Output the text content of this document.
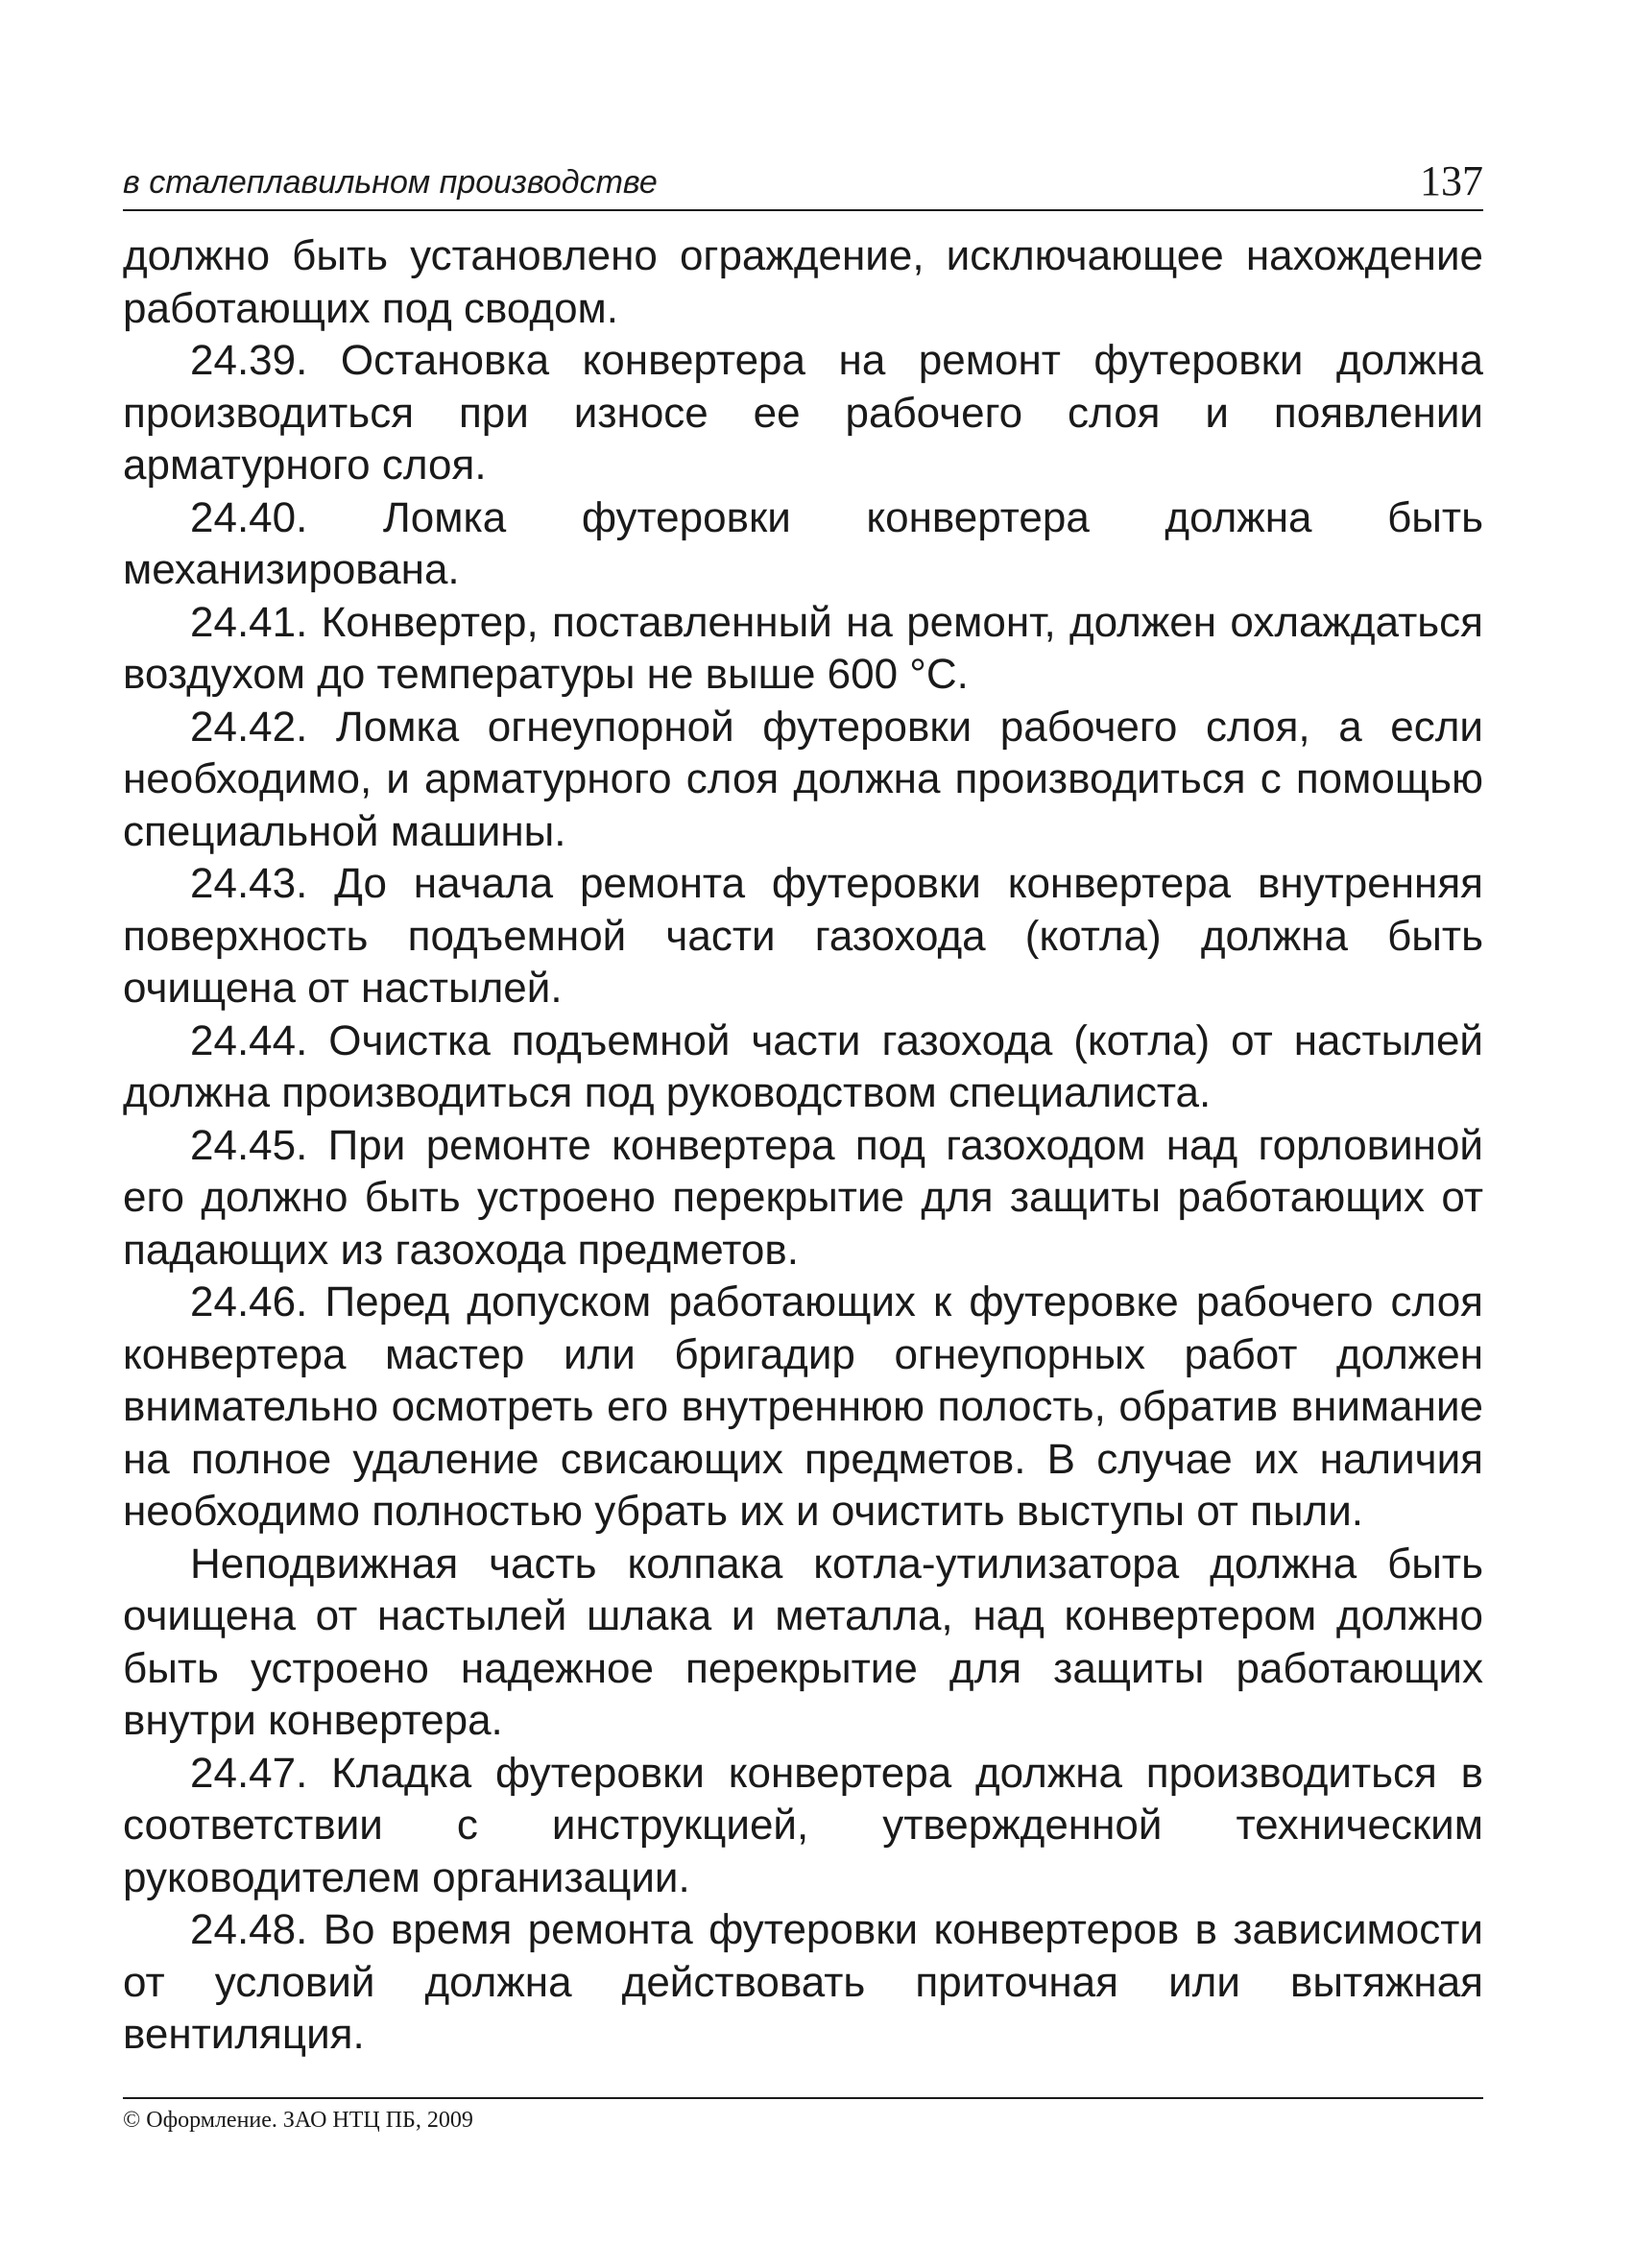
в сталеплавильном производстве	137

должно быть установлено ограждение, исключающее нахождение работающих под сводом.

24.39. Остановка конвертера на ремонт футеровки должна производиться при износе ее рабочего слоя и появлении арматурного слоя.

24.40. Ломка футеровки конвертера должна быть механизирована.

24.41. Конвертер, поставленный на ремонт, должен охлаждаться воздухом до температуры не выше 600 °С.

24.42. Ломка огнеупорной футеровки рабочего слоя, а если необходимо, и арматурного слоя должна производиться с помощью специальной машины.

24.43. До начала ремонта футеровки конвертера внутренняя поверхность подъемной части газохода (котла) должна быть очищена от настылей.

24.44. Очистка подъемной части газохода (котла) от настылей должна производиться под руководством специалиста.

24.45. При ремонте конвертера под газоходом над горловиной его должно быть устроено перекрытие для защиты работающих от падающих из газохода предметов.

24.46. Перед допуском работающих к футеровке рабочего слоя конвертера мастер или бригадир огнеупорных работ должен внимательно осмотреть его внутреннюю полость, обратив внимание на полное удаление свисающих предметов. В случае их наличия необходимо полностью убрать их и очистить выступы от пыли.

Неподвижная часть колпака котла-утилизатора должна быть очищена от настылей шлака и металла, над конвертером должно быть устроено надежное перекрытие для защиты работающих внутри конвертера.

24.47. Кладка футеровки конвертера должна производиться в соответствии с инструкцией, утвержденной техническим руководителем организации.

24.48. Во время ремонта футеровки конвертеров в зависимости от условий должна действовать приточная или вытяжная вентиляция.

© Оформление. ЗАО НТЦ ПБ, 2009
